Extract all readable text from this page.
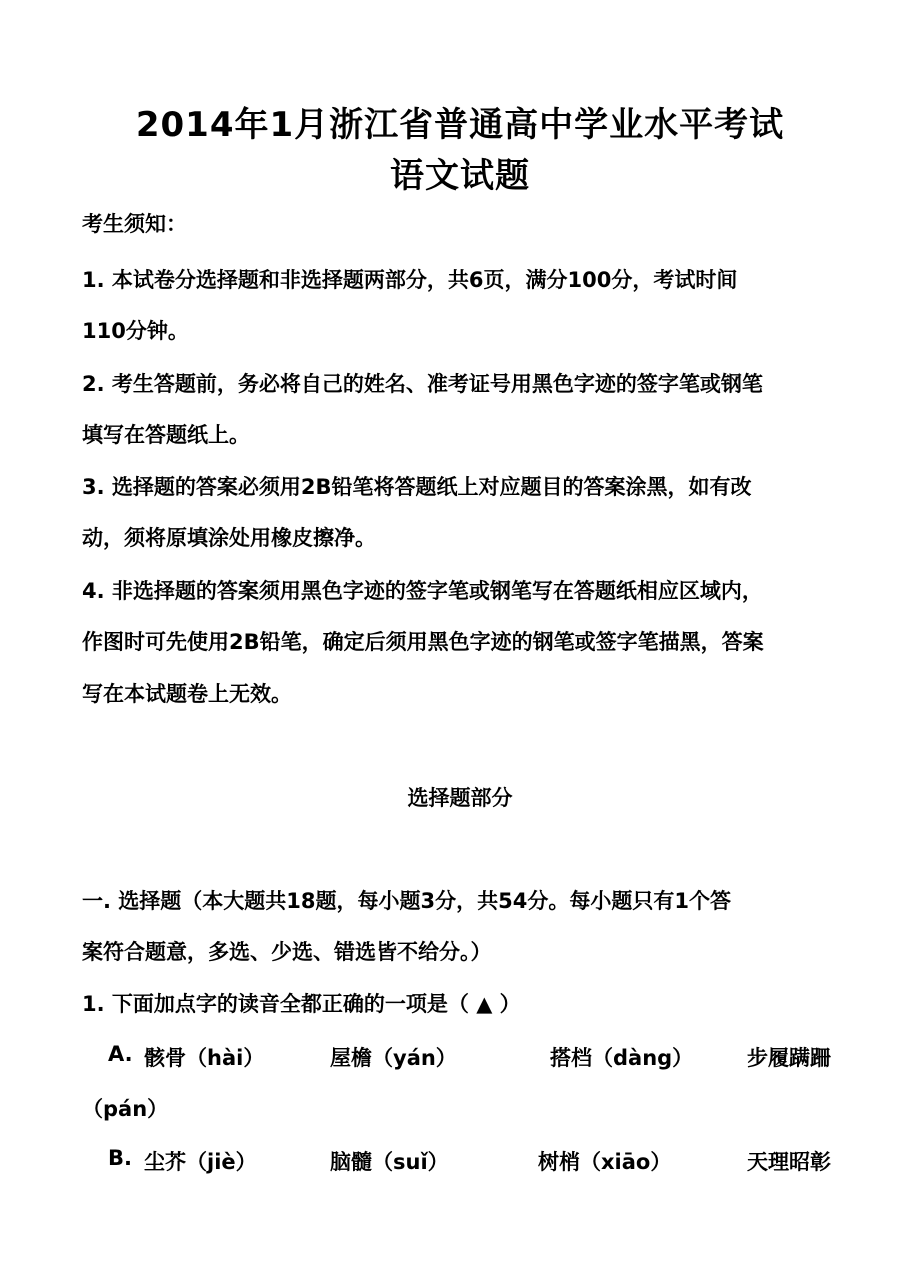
2014年1月浙江省普通高中学业水平考试
语文试题
考生须知：
1. 本试卷分选择题和非选择题两部分，共6页，满分100分，考试时间
110分钟。
2. 考生答题前，务必将自己的姓名、准考证号用黑色字迹的签字笔或钢笔
填写在答题纸上。
3. 选择题的答案必须用2B铅笔将答题纸上对应题目的答案涂黑，如有改
动，须将原填涂处用橡皮擦净。
4. 非选择题的答案须用黑色字迹的签字笔或钢笔写在答题纸相应区域内，
作图时可先使用2B铅笔，确定后须用黑色字迹的钢笔或签字笔描黑，答案
写在本试题卷上无效。
选择题部分
一. 选择题（本大题共18题，每小题3分，共54分。每小题只有1个答
案符合题意，多选、少选、错选皆不给分。）
1. 下面加点字的读音全都正确的一项是（ ▲ ）
A. 骸骨（hài）	屋檐（yán）	搭档（dàng）	步履蹒跚
（pán）
B. 尘芥（jiè）	脑髓（suǐ）	树梢（xiāo）	天理昭彰
